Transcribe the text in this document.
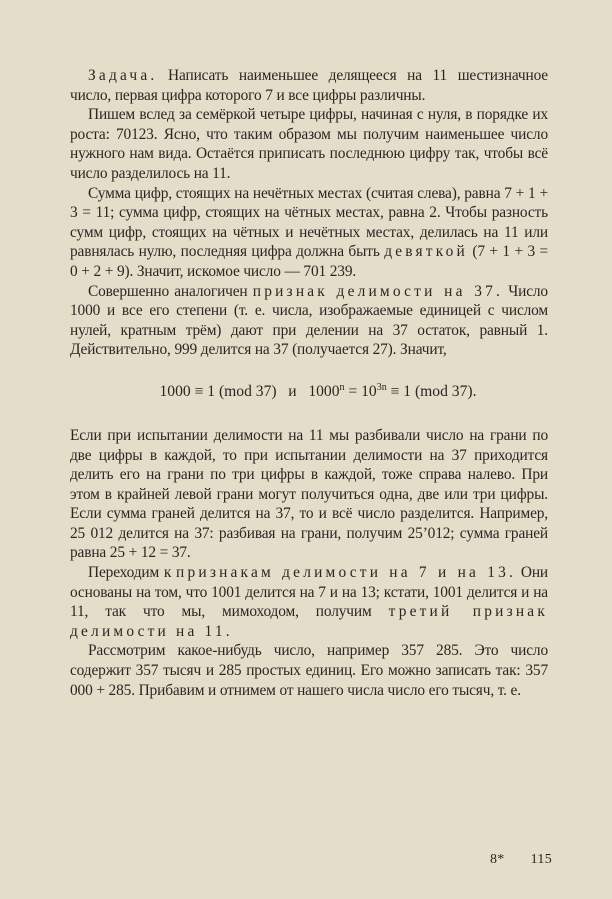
Задача. Написать наименьшее делящееся на 11 шестизначное число, первая цифра которого 7 и все цифры различны.

Пишем вслед за семёркой четыре цифры, начиная с нуля, в порядке их роста: 70123. Ясно, что таким образом мы получим наименьшее число нужного нам вида. Остаётся приписать последнюю цифру так, чтобы всё число разделилось на 11.

Сумма цифр, стоящих на нечётных местах (считая слева), равна 7 + 1 + 3 = 11; сумма цифр, стоящих на чётных местах, равна 2. Чтобы разность сумм цифр, стоящих на чётных и нечётных местах, делилась на 11 или равнялась нулю, последняя цифра должна быть девяткой (7 + 1 + 3 = 0 + 2 + 9). Значит, искомое число — 701 239.

Совершенно аналогичен признак делимости на 37. Число 1000 и все его степени (т. е. числа, изображаемые единицей с числом нулей, кратным трём) дают при делении на 37 остаток, равный 1. Действительно, 999 делится на 37 (получается 27). Значит,

1000 ≡ 1 (mod 37) и $1000^n = 10^{3n} \equiv 1$ (mod 37).

Если при испытании делимости на 11 мы разбивали число на грани по две цифры в каждой, то при испытании делимости на 37 приходится делить его на грани по три цифры в каждой, тоже справа налево. При этом в крайней левой грани могут получиться одна, две или три цифры. Если сумма граней делится на 37, то и всё число разделится. Например, 25 012 делится на 37: разбивая на грани, получим 25’012; сумма граней равна 25 + 12 = 37.

Переходим к признакам делимости на 7 и на 13. Они основаны на том, что 1001 делится на 7 и на 13; кстати, 1001 делится и на 11, так что мы, мимоходом, получим третий признак делимости на 11.

Рассмотрим какое-нибудь число, например 357 285. Это число содержит 357 тысяч и 285 простых единиц. Его можно записать так: 357 000 + 285. Прибавим и отнимем от нашего числа число его тысяч, т. е.

8* 115
